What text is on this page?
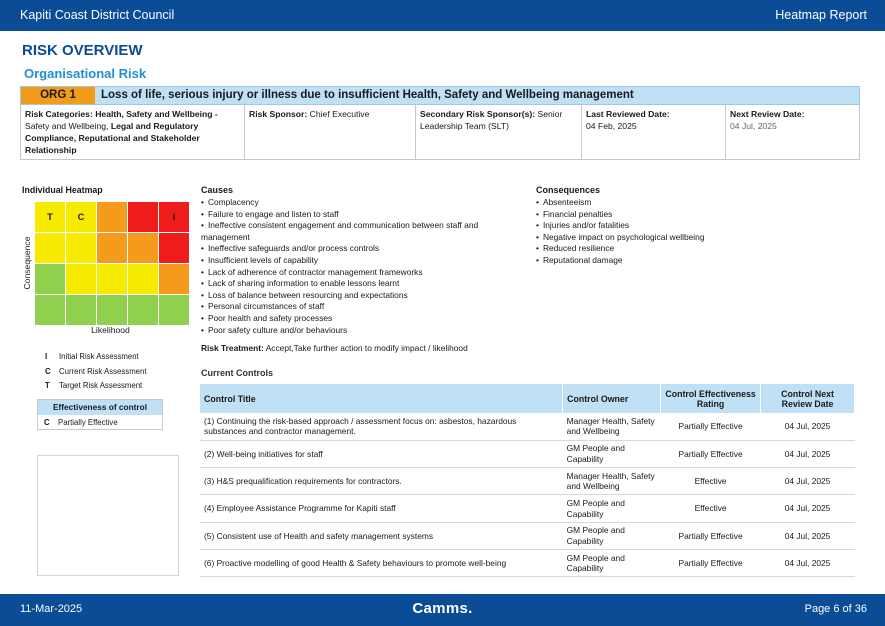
Kapiti Coast District Council	Heatmap Report
RISK OVERVIEW
Organisational Risk
ORG 1	Loss of life, serious injury or illness due to insufficient Health, Safety and Wellbeing management
Risk Categories: Health, Safety and Wellbeing - Safety and Wellbeing, Legal and Regulatory Compliance, Reputational and Stakeholder Relationship
Risk Sponsor: Chief Executive	Secondary Risk Sponsor(s): Senior
Leadership Team (SLT)
Last Reviewed Date:
04 Feb, 2025
Next Review Date:
04 Jul, 2025
Individual Heatmap
Consequence
T	C	I
Likelihood
I Initial Risk Assessment
C Current Risk Assessment
T Target Risk Assessment
Effectiveness of control
C Partially Effective
Causes
• Complacency
• Failure to engage and listen to staff
• Ineffective consistent engagement and communication between staff and management
• Ineffective safeguards and/or process controls
• Insufficient levels of capability
• Lack of adherence of contractor management frameworks
• Lack of sharing information to enable lessons learnt
• Loss of balance between resourcing and expectations
• Personal circumstances of staff
• Poor health and safety processes
• Poor safety culture and/or behaviours
Consequences
• Absenteeism
• Financial penalties
• Injuries and/or fatalities
• Negative impact on psychological wellbeing
• Reduced resilience
• Reputational damage
Risk Treatment: Accept,Take further action to modify impact / likelihood
Current Controls
Control Title	Control Owner	Control Effectiveness Rating	Control Next Review Date
(1) Continuing the risk-based approach / assessment focus on: asbestos, hazardous substances and contractor management.	Manager Health, Safety and Wellbeing	Partially Effective	04 Jul, 2025
(2) Well-being initiatives for staff	GM People and Capability	Partially Effective	04 Jul, 2025
(3) H&S prequalification requirements for contractors.	Manager Health, Safety and Wellbeing	Effective	04 Jul, 2025
(4) Employee Assistance Programme for Kapiti staff	GM People and Capability	Effective	04 Jul, 2025
(5) Consistent use of Health and safety management systems	GM People and Capability	Partially Effective	04 Jul, 2025
(6) Proactive modelling of good Health & Safety behaviours to promote well-being	GM People and Capability	Partially Effective	04 Jul, 2025
11-Mar-2025	Camms.	Page 6 of 36
